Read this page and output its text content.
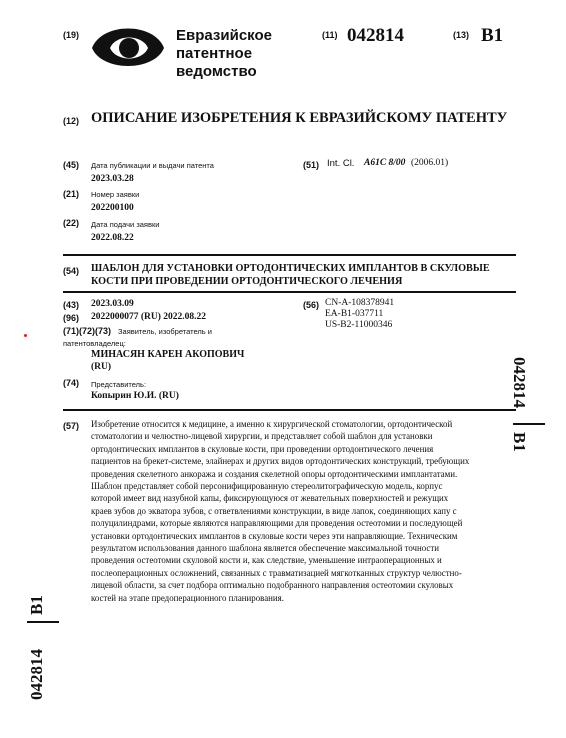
(19)	Евразийское
патентное
ведомство
(11) 042814	(13) B1
(12) ОПИСАНИЕ ИЗОБРЕТЕНИЯ К ЕВРАЗИЙСКОМУ ПАТЕНТУ
(45) Дата публикации и выдачи патента
2023.03.28
(21) Номер заявки
202200100
(22) Дата подачи заявки
2022.08.22
(51) Int. Cl. A61C 8/00 (2006.01)
(54) ШАБЛОН ДЛЯ УСТАНОВКИ ОРТОДОНТИЧЕСКИХ ИМПЛАНТОВ В СКУЛОВЫЕ
КОСТИ ПРИ ПРОВЕДЕНИИ ОРТОДОНТИЧЕСКОГО ЛЕЧЕНИЯ
(43) 2023.03.09
(96) 2022000077 (RU) 2022.08.22
(71)(72)(73) Заявитель, изобретатель и
патентовладелец:
МИНАСЯН КАРЕН АКОПОВИЧ
(RU)
(74) Представитель:
Копырин Ю.И. (RU)
(56) CN-A-108378941
EA-B1-037711
US-B2-11000346
(57) Изобретение относится к медицине, а именно к хирургической стоматологии, ортодонтической
стоматологии и челюстно-лицевой хирургии, и представляет собой шаблон для установки
ортодонтических имплантов в скуловые кости, при проведении ортодонтического лечения
пациентов на брекет-системе, элайнерах и других видов ортодонтических конструкций, требующих
проведения скелетного анкоража и создания скелетной опоры ортодонтическими имплантатами.
Шаблон представляет собой персонифицированную стереолитографическую модель, корпус
которой имеет вид назубной капы, фиксирующуюся от жевательных поверхностей и режущих
краев зубов до экватора зубов, с ответвлениями конструкции, в виде лапок, соединяющих капу с
полуцилиндрами, которые являются направляющими для проведения остеотомии и последующей
установки ортодонтических имплантов в скуловые кости через эти направляющие. Техническим
результатом использования данного шаблона является обеспечение максимальной точности
проведения остеотомии скуловой кости и, как следствие, уменьшение интраоперационных и
послеоперационных осложнений, связанных с травматизацией мягкотканных структур челюстно-
лицевой области, за счет подбора оптимально подобранного направления остеотомии скуловых
костей на этапе предоперационного планирования.
042814
B1
B1
042814
